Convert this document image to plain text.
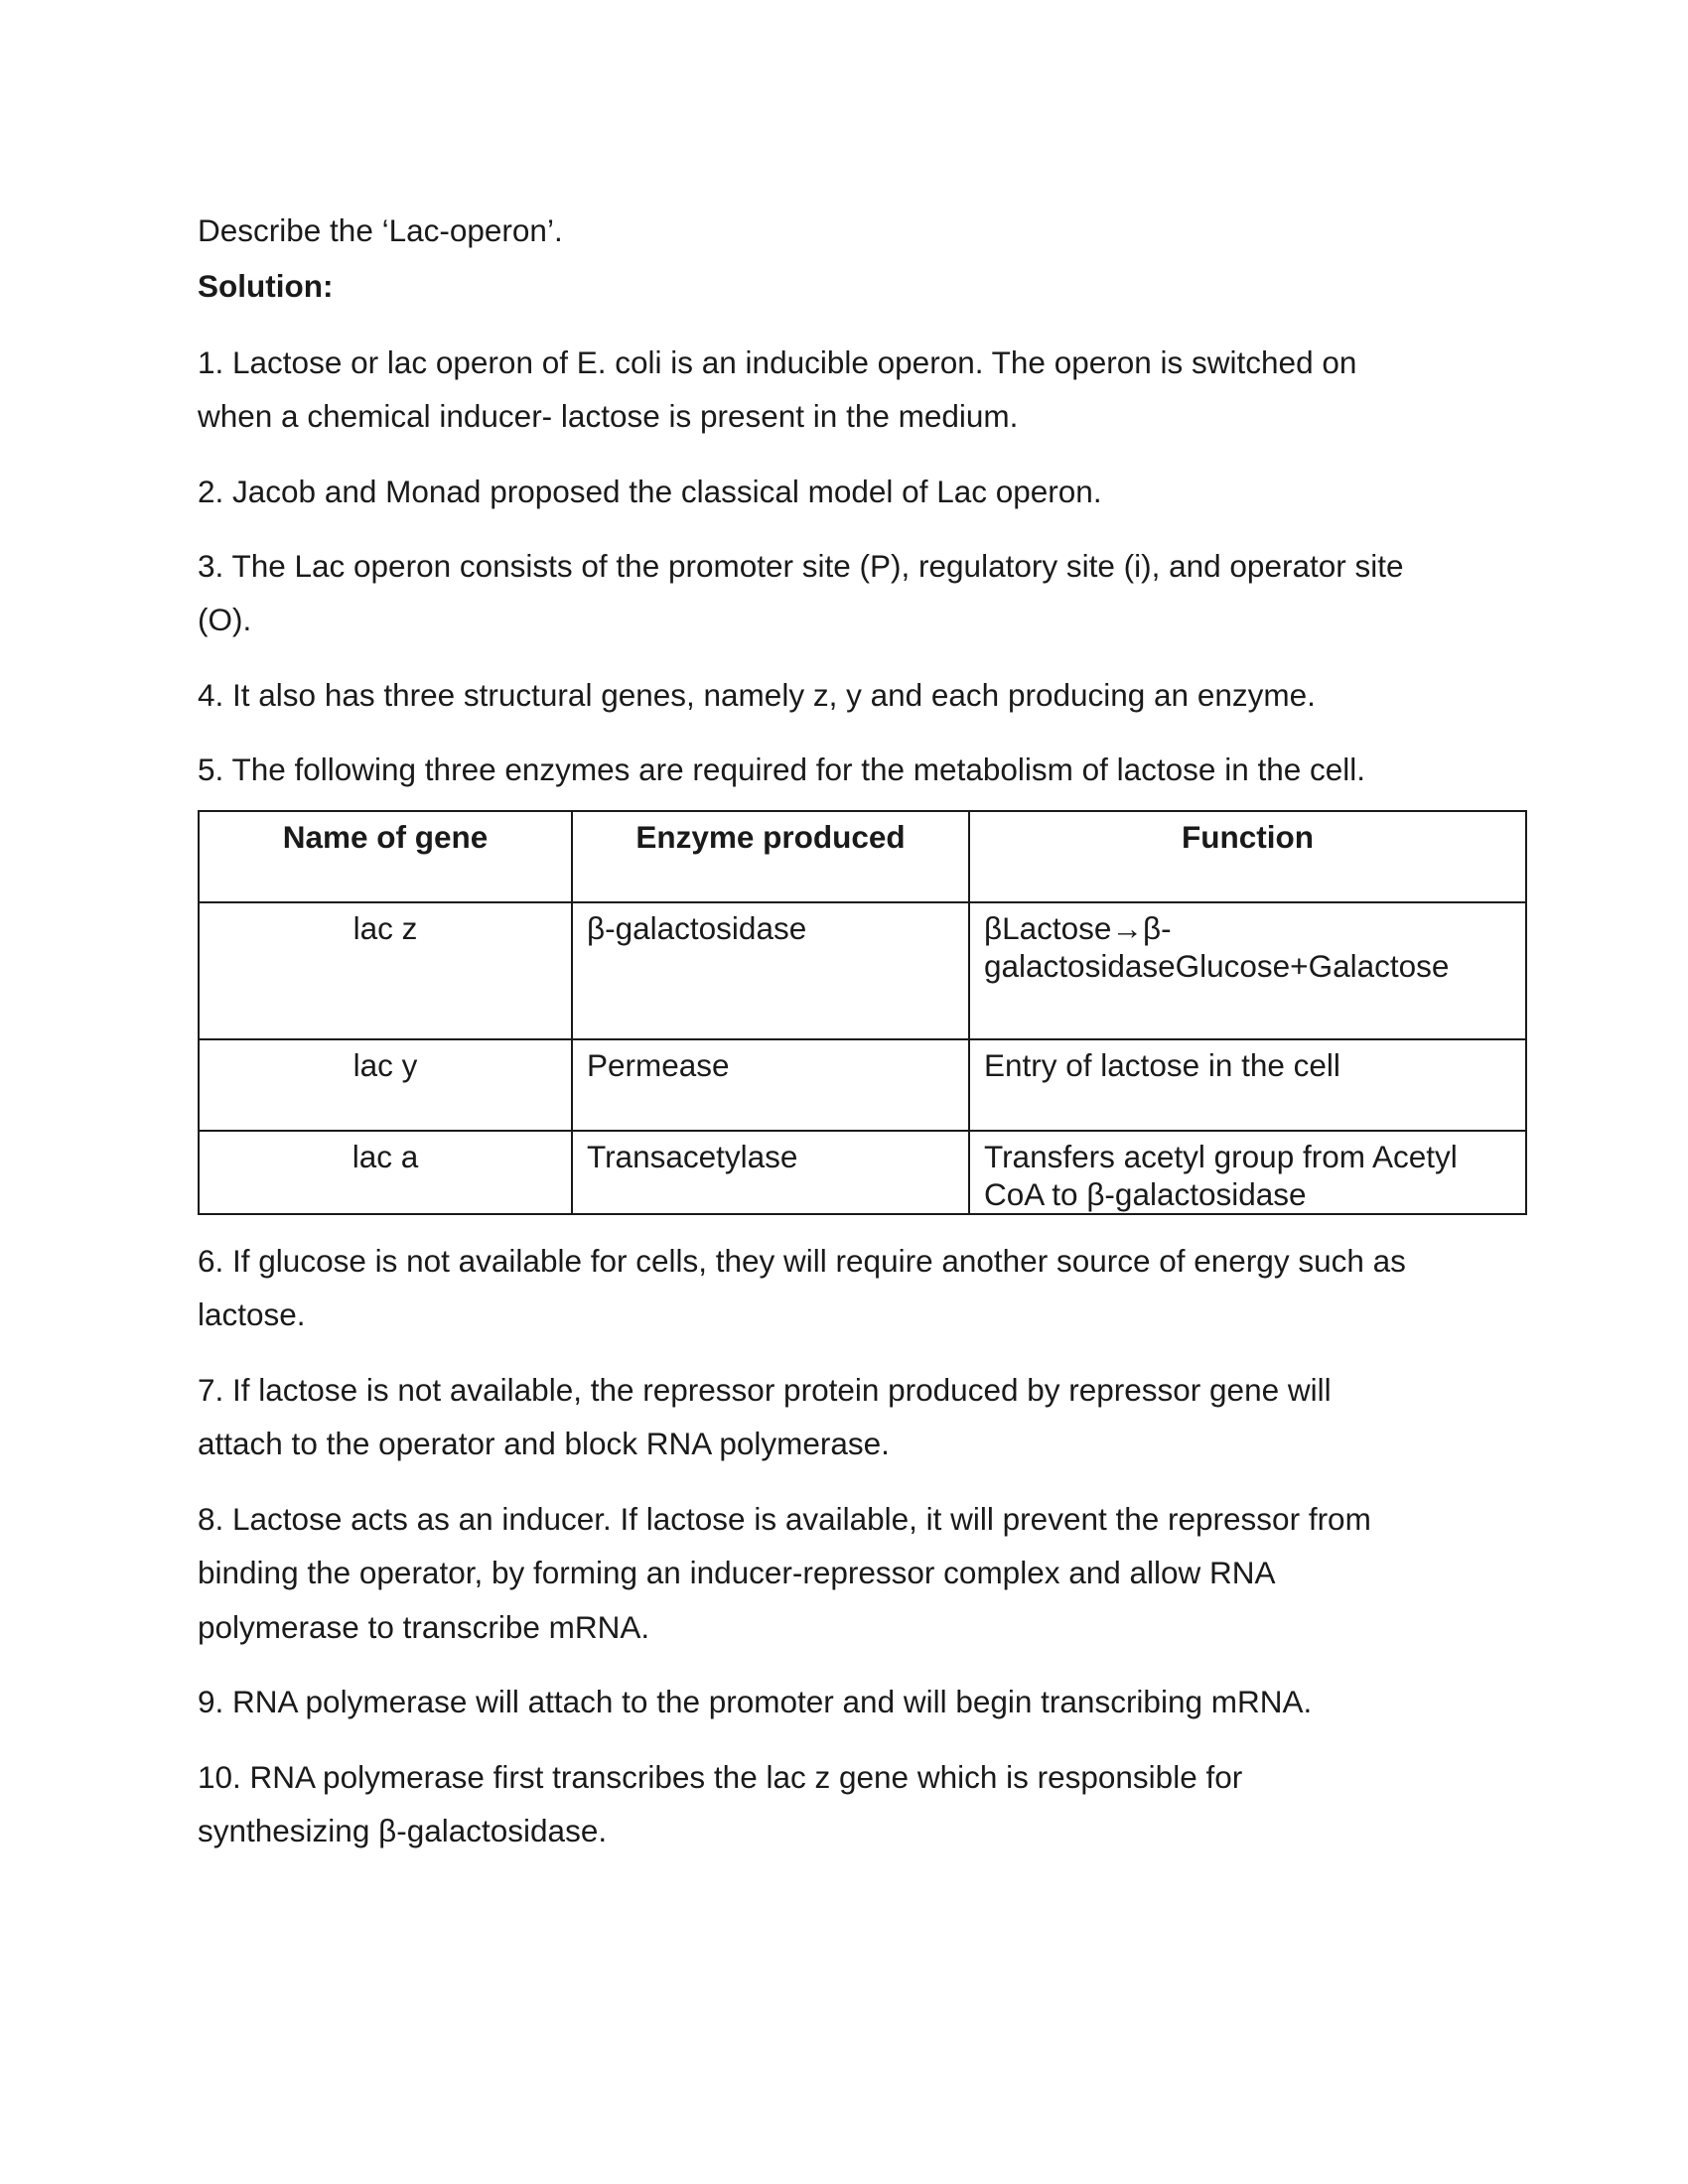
Describe the ‘Lac-operon’.
Solution:
1. Lactose or lac operon of E. coli is an inducible operon. The operon is switched on
when a chemical inducer- lactose is present in the medium.
2. Jacob and Monad proposed the classical model of Lac operon.
3. The Lac operon consists of the promoter site (P), regulatory site (i), and operator site
(O).
4. It also has three structural genes, namely z, y and each producing an enzyme.
5. The following three enzymes are required for the metabolism of lactose in the cell.
Name of gene	Enzyme produced	Function
lac z	β-galactosidase	βLactose→β-
galactosidaseGlucose+Galactose

lac y	Permease	Entry of lactose in the cell

lac a	Transacetylase	Transfers acetyl group from Acetyl
CoA to β-galactosidase
6. If glucose is not available for cells, they will require another source of energy such as
lactose.
7. If lactose is not available, the repressor protein produced by repressor gene will
attach to the operator and block RNA polymerase.
8. Lactose acts as an inducer. If lactose is available, it will prevent the repressor from
binding the operator, by forming an inducer-repressor complex and allow RNA
polymerase to transcribe mRNA.
9. RNA polymerase will attach to the promoter and will begin transcribing mRNA.
10. RNA polymerase first transcribes the lac z gene which is responsible for
synthesizing β-galactosidase.
